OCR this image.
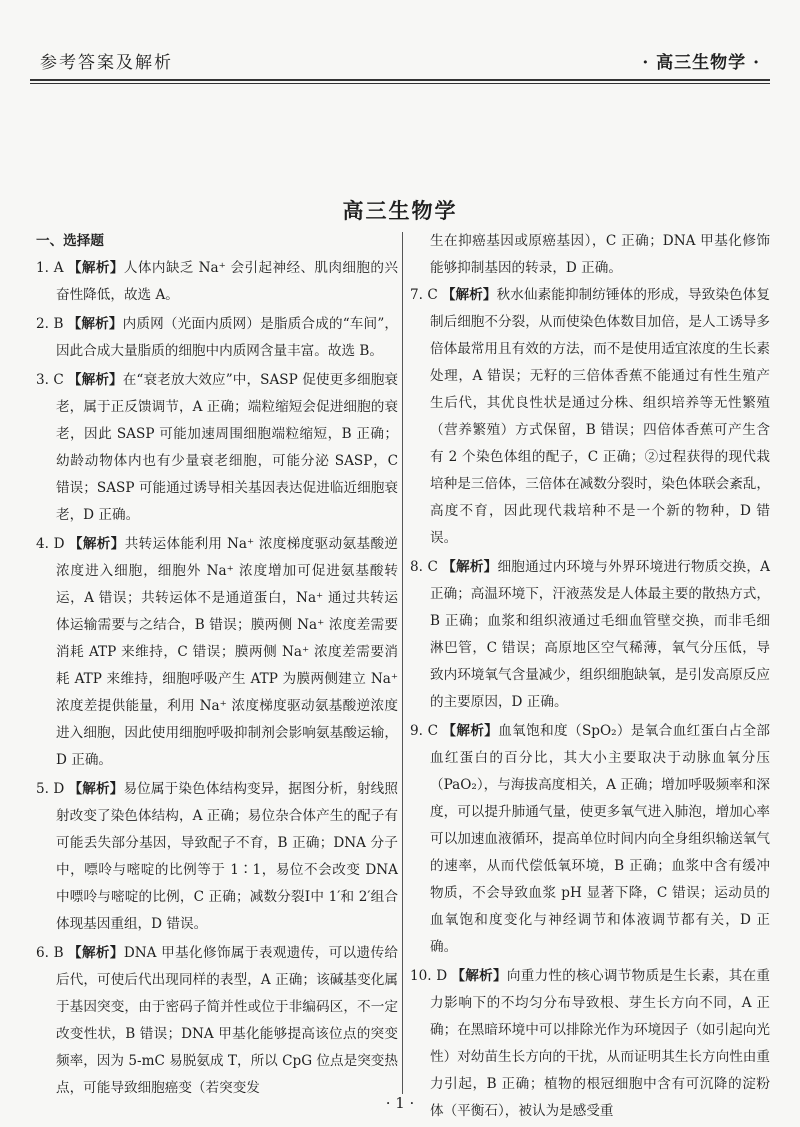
参考答案及解析	· 高三生物学 ·
高三生物学
一、选择题
1. A 【解析】人体内缺乏 Na⁺ 会引起神经、肌肉细胞的兴奋性降低，故选 A。
2. B 【解析】内质网（光面内质网）是脂质合成的“车间”，因此合成大量脂质的细胞中内质网含量丰富。故选 B。
3. C 【解析】在“衰老放大效应”中，SASP 促使更多细胞衰老，属于正反馈调节，A 正确；端粒缩短会促进细胞的衰老，因此 SASP 可能加速周围细胞端粒缩短，B 正确；幼龄动物体内也有少量衰老细胞，可能分泌 SASP，C 错误；SASP 可能通过诱导相关基因表达促进临近细胞衰老，D 正确。
4. D 【解析】共转运体能利用 Na⁺ 浓度梯度驱动氨基酸逆浓度进入细胞，细胞外 Na⁺ 浓度增加可促进氨基酸转运，A 错误；共转运体不是通道蛋白，Na⁺ 通过共转运体运输需要与之结合，B 错误；膜两侧 Na⁺ 浓度差需要消耗 ATP 来维持，C 错误；膜两侧 Na⁺ 浓度差需要消耗 ATP 来维持，细胞呼吸产生 ATP 为膜两侧建立 Na⁺ 浓度差提供能量，利用 Na⁺ 浓度梯度驱动氨基酸逆浓度进入细胞，因此使用细胞呼吸抑制剂会影响氨基酸运输，D 正确。
5. D 【解析】易位属于染色体结构变异，据图分析，射线照射改变了染色体结构，A 正确；易位杂合体产生的配子有可能丢失部分基因，导致配子不育，B 正确；DNA 分子中，嘌呤与嘧啶的比例等于 1∶1，易位不会改变 DNA 中嘌呤与嘧啶的比例，C 正确；减数分裂Ⅰ中 1′和 2′组合体现基因重组，D 错误。
6. B 【解析】DNA 甲基化修饰属于表观遗传，可以遗传给后代，可使后代出现同样的表型，A 正确；该碱基变化属于基因突变，由于密码子简并性或位于非编码区，不一定改变性状，B 错误；DNA 甲基化能够提高该位点的突变频率，因为 5-mC 易脱氨成 T，所以 CpG 位点是突变热点，可能导致细胞癌变（若突变发

生在抑癌基因或原癌基因），C 正确；DNA 甲基化修饰能够抑制基因的转录，D 正确。

7. C 【解析】秋水仙素能抑制纺锤体的形成，导致染色体复制后细胞不分裂，从而使染色体数目加倍，是人工诱导多倍体最常用且有效的方法，而不是使用适宜浓度的生长素处理，A 错误；无籽的三倍体香蕉不能通过有性生殖产生后代，其优良性状是通过分株、组织培养等无性繁殖（营养繁殖）方式保留，B 错误；四倍体香蕉可产生含有 2 个染色体组的配子，C 正确；②过程获得的现代栽培种是三倍体，三倍体在减数分裂时，染色体联会紊乱，高度不育，因此现代栽培种不是一个新的物种，D 错误。
8. C 【解析】细胞通过内环境与外界环境进行物质交换，A 正确；高温环境下，汗液蒸发是人体最主要的散热方式，B 正确；血浆和组织液通过毛细血管壁交换，而非毛细淋巴管，C 错误；高原地区空气稀薄，氧气分压低，导致内环境氧气含量减少，组织细胞缺氧，是引发高原反应的主要原因，D 正确。
9. C 【解析】血氧饱和度（SpO₂）是氧合血红蛋白占全部血红蛋白的百分比，其大小主要取决于动脉血氧分压（PaO₂），与海拔高度相关，A 正确；增加呼吸频率和深度，可以提升肺通气量，使更多氧气进入肺泡，增加心率可以加速血液循环，提高单位时间内向全身组织输送氧气的速率，从而代偿低氧环境，B 正确；血浆中含有缓冲物质，不会导致血浆 pH 显著下降，C 错误；运动员的血氧饱和度变化与神经调节和体液调节都有关，D 正确。
10. D 【解析】向重力性的核心调节物质是生长素，其在重力影响下的不均匀分布导致根、芽生长方向不同，A 正确；在黑暗环境中可以排除光作为环境因子（如引起向光性）对幼苗生长方向的干扰，从而证明其生长方向性由重力引起，B 正确；植物的根冠细胞中含有可沉降的淀粉体（平衡石），被认为是感受重
· 1 ·
